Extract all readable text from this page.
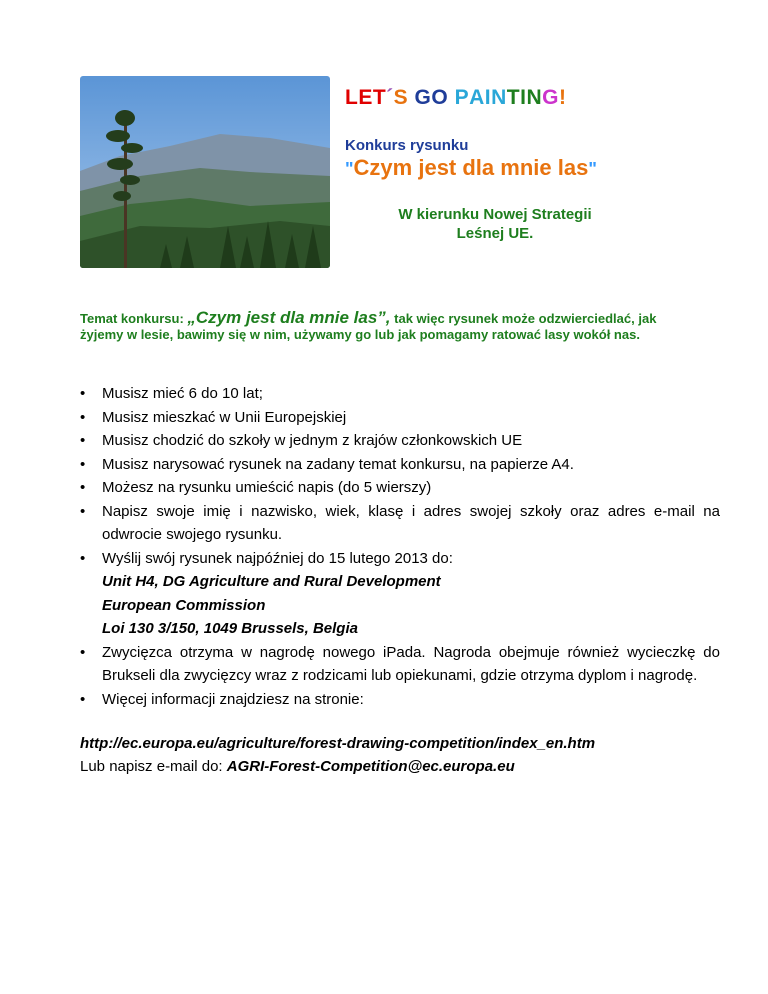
LET´S GO PAINTING!
Konkurs rysunku
"Czym jest dla mnie las"
W kierunku Nowej Strategii
Leśnej UE.
Temat konkursu: „Czym jest dla mnie las”, tak więc rysunek może odzwierciedlać, jak żyjemy w lesie, bawimy się w nim, używamy go lub jak pomagamy ratować lasy wokół nas.
• Musisz mieć 6 do 10 lat;
• Musisz mieszkać w Unii Europejskiej
• Musisz chodzić do szkoły w jednym z krajów członkowskich UE
• Musisz narysować rysunek na zadany temat konkursu, na papierze A4.
• Możesz na rysunku umieścić napis (do 5 wierszy)
• Napisz swoje imię i nazwisko, wiek, klasę i adres swojej szkoły oraz adres e-mail na odwrocie swojego rysunku.
• Wyślij swój rysunek najpóźniej do 15 lutego 2013 do:
Unit H4, DG Agriculture and Rural Development
European Commission
Loi 130 3/150, 1049 Brussels, Belgia
• Zwycięzca otrzyma w nagrodę nowego iPada. Nagroda obejmuje również wycieczkę do Brukseli dla zwycięzcy wraz z rodzicami lub opiekunami, gdzie otrzyma dyplom i nagrodę.
• Więcej informacji znajdziesz na stronie:
http://ec.europa.eu/agriculture/forest-drawing-competition/index_en.htm
Lub napisz e-mail do: AGRI-Forest-Competition@ec.europa.eu
